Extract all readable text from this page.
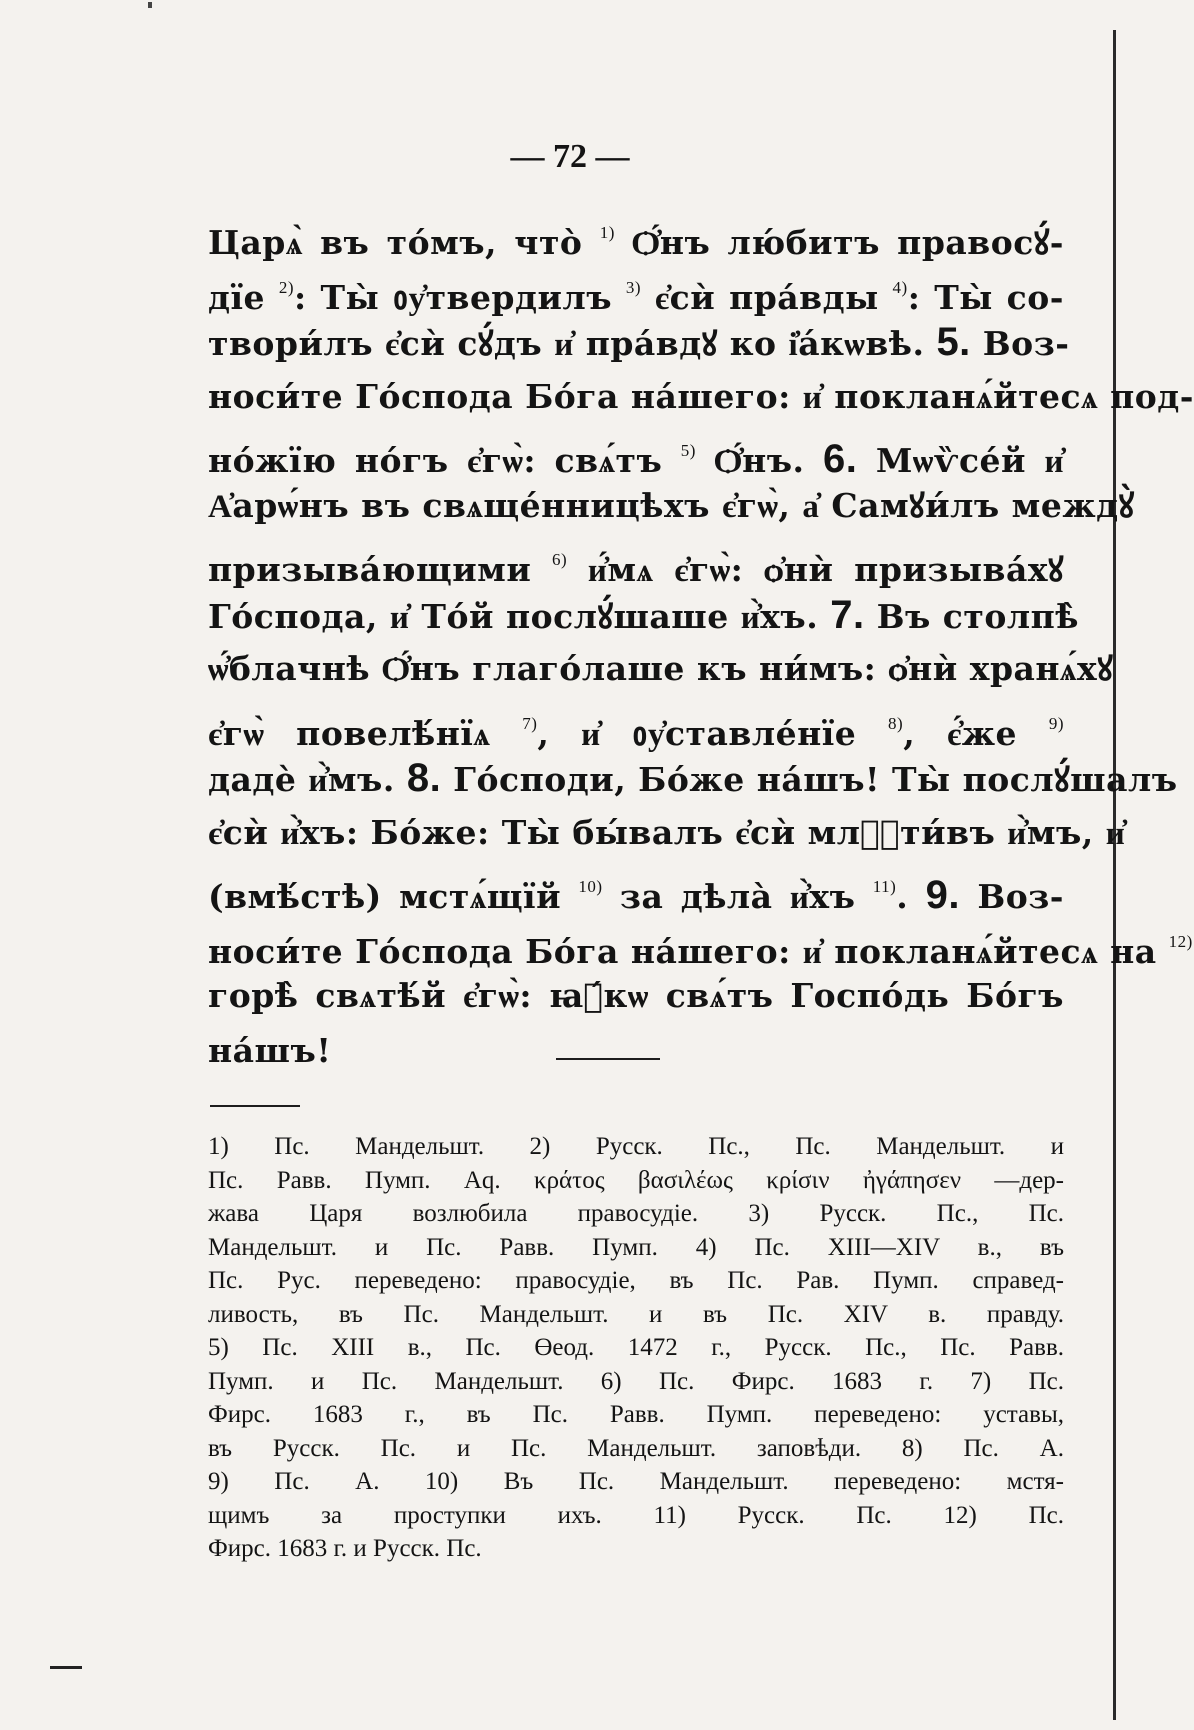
— 72 —
Царѧ̀ въ то́мъ, что̀ $^{1)}$ Ѻ҆́нъ лю́битъ правосꙋ́-
дїе $^{2)}$: Ты̀ ᲂу҆твердилъ $^{3)}$ є҆сѝ пра́вды $^{4)}$: Ты̀ со-
твори́лъ є҆сѝ сꙋ́дъ и҆ пра́вдꙋ ко і҆а́кѡвѣ. 5. Воз-
носи́те Го́спода Бо́га на́шего: и҆ покланѧ́йтесѧ под-
но́жїю но́гъ є҆гѡ̀: свѧ́тъ $^{5)}$ Ѻ҆́нъ. 6. Мѡѷсе́й и҆
А҆арѡ́нъ въ свѧще́нницѣхъ є҆гѡ̀, а҆ Самꙋи́лъ междꙋ̀
призыва́ющими $^{6)}$ и҆́мѧ є҆гѡ̀: ѻ҆нѝ призыва́хꙋ
Го́спода, и҆ То́й послꙋ́шаше и҆̀хъ. 7. Въ столпѣ̀
ѡ҆́блачнѣ Ѻ҆́нъ глаго́лаше къ ни́мъ: ѻ҆нѝ хранѧ́хꙋ
є҆гѡ̀ повелѣ́нїѧ $^{7)}$, и҆ ᲂу҆ставле́нїе $^{8)}$, є҆́же $^{9)}$
дадѐ и҆̀мъ. 8. Го́споди, Бо́же на́шъ! Ты̀ послꙋ́шалъ
є҆сѝ и҆̀хъ: Бо́же: Ты̀ бы́валъ є҆сѝ млⷭ҇ти́въ и҆̀мъ, и҆
(вмѣ́стѣ) мстѧ́щїй $^{10)}$ за дѣла̀ и҆̀хъ $^{11)}$. 9. Воз-
носи́те Го́спода Бо́га на́шего: и҆ покланѧ́йтесѧ на $^{12)}$
горѣ̀ свѧтѣ́й є҆гѡ̀: ꙗ҆́кѡ свѧ́тъ Госпо́дь Бо́гъ
на́шъ!
1) Пс. Мандельшт. 2) Русск. Пс., Пс. Мандельшт. и
Пс. Равв. Пумп. Aq. κράτος βασιλέως κρίσιν ἠγάπησεν —дер-
жава Царя возлюбила правосудіе. 3) Русск. Пс., Пс.
Мандельшт. и Пс. Равв. Пумп. 4) Пс. XIII—XIV в., въ
Пс. Рус. переведено: правосудіе, въ Пс. Рав. Пумп. справед-
ливость, въ Пс. Мандельшт. и въ Пс. XIV в. правду.
5) Пс. XIII в., Пс. Өеод. 1472 г., Русск. Пс., Пс. Равв.
Пумп. и Пс. Мандельшт. 6) Пс. Фирс. 1683 г. 7) Пс.
Фирс. 1683 г., въ Пс. Равв. Пумп. переведено: уставы,
въ Русск. Пс. и Пс. Мандельшт. заповѣди. 8) Пс. А.
9) Пс. А. 10) Въ Пс. Мандельшт. переведено: мстя-
щимъ за проступки ихъ. 11) Русск. Пс. 12) Пс.
Фирс. 1683 г. и Русск. Пс.
